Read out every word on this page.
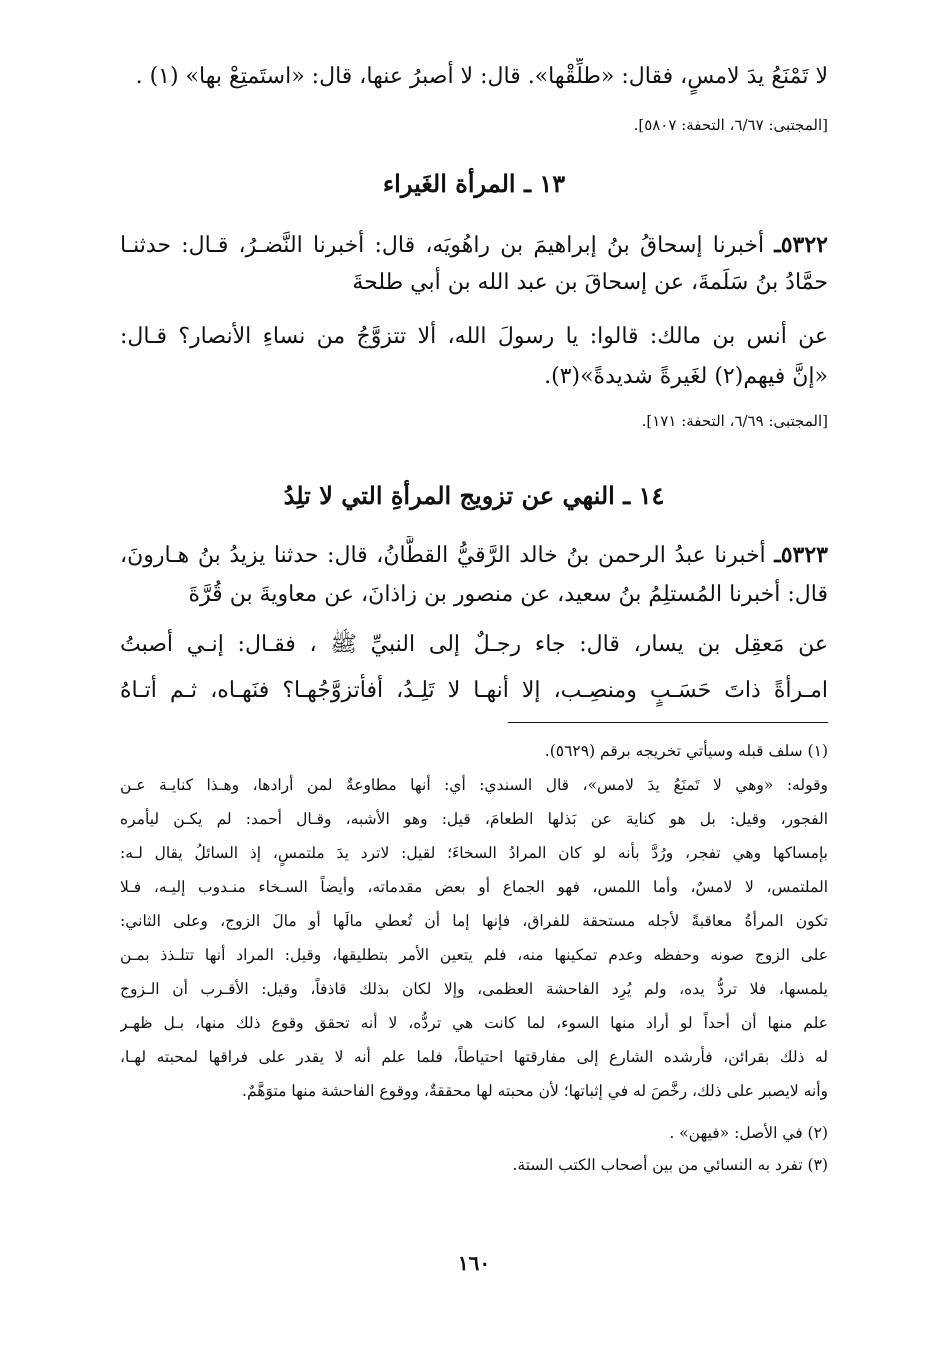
لا تَمْنَعُ يدَ لامسٍ، فقال: «طلِّقْها». قال: لا أصبرُ عنها، قال: «استَمتِعْ بها» (١) .
[المجتبى: ٦/٦٧، التحفة: ٥٨٠٧].
١٣ ـ المرأة الغَيراء
٥٣٢٢ـ أخبرنا إسحاقُ بنُ إبراهيمَ بن راهُويَه، قال: أخبرنا النَّضـرُ، قـال: حدثنـا
حمَّادُ بنُ سَلَمةَ، عن إسحاقَ بن عبد الله بن أبي طلحةَ
عن أنس بن مالك: قالوا: يا رسولَ الله، ألا تتزوَّجُ من نساءِ الأنصار؟ قـال:
«إنَّ فيهم(٢) لغَيرةً شديدةً»(٣).
[المجتبى: ٦/٦٩، التحفة: ١٧١].
١٤ ـ النهي عن تزويج المرأةِ التي لا تلِدُ
٥٣٢٣ـ أخبرنا عبدُ الرحمن بنُ خالد الرَّقيُّ القطَّانُ، قال: حدثنا يزيدُ بنُ هـارونَ،
قال: أخبرنا المُستلِمُ بنُ سعيد، عن منصور بن زاذانَ، عن معاويةَ بن قُرَّةَ
عن مَعقِل بن يسار، قال: جاء رجـلٌ إلى النبيِّ ﷺ ، فقـال: إنـي أصبتُ
امـرأةً ذاتَ حَسَـبٍ ومنصِـب، إلا أنهـا لا تَلِـدُ، أفأتزوَّجُهـا؟ فنَهـاه، ثـم أتـاهُ
(١) سلف قبله وسيأتي تخريجه برقم (٥٦٢٩).
وقوله: «وهي لا تَمنَعُ يدَ لامس»، قال السندي: أي: أنها مطاوعةٌ لمن أرادها، وهـذا كنايـة عـن
الفجور، وقيل: بل هو كناية عن بَذلها الطعامَ، قيل: وهو الأشبه، وقـال أحمد: لم يكـن ليأمره
بإمساكها وهي تفجر، ورُدَّ بأنه لو كان المرادُ السخاءَ؛ لقيل: لاترد يدَ ملتمسٍ، إذ السائلُ يقال لـه:
الملتمس، لا لامسٌ، وأما اللمس، فهو الجماع أو بعض مقدماته، وأيضاً السـخاء منـدوب إليـه، فـلا
تكون المرأةُ معاقبةً لأجله مستحقة للفراق، فإنها إما أن تُعطي مالَها أو مالَ الزوج، وعلى الثاني:
على الزوج صونه وحفظه وعدم تمكينها منه، فلم يتعين الأمر بتطليقها، وقيل: المراد أنها تتلـذذ بمـن
يلمسها، فلا تردُّ يده، ولم يُرِد الفاحشة العظمى، وإلا لكان بذلك قاذفاً، وقيل: الأقـرب أن الـزوج
علم منها أن أحداً لو أراد منها السوء، لما كانت هي تردُّه، لا أنه تحقق وقوع ذلك منها، بـل ظهـر
له ذلك بقرائن، فأرشده الشارع إلى مفارقتها احتياطاً، فلما علم أنه لا يقدر على فراقها لمحبته لهـا،
وأنه لايصبر على ذلك، رخَّصَ له في إثباتها؛ لأن محبته لها محققةٌ، ووقوع الفاحشة منها متوَهَّمٌ.
(٢) في الأصل: «فيهن» .
(٣) تفرد به النسائي من بين أصحاب الكتب الستة.
١٦٠
